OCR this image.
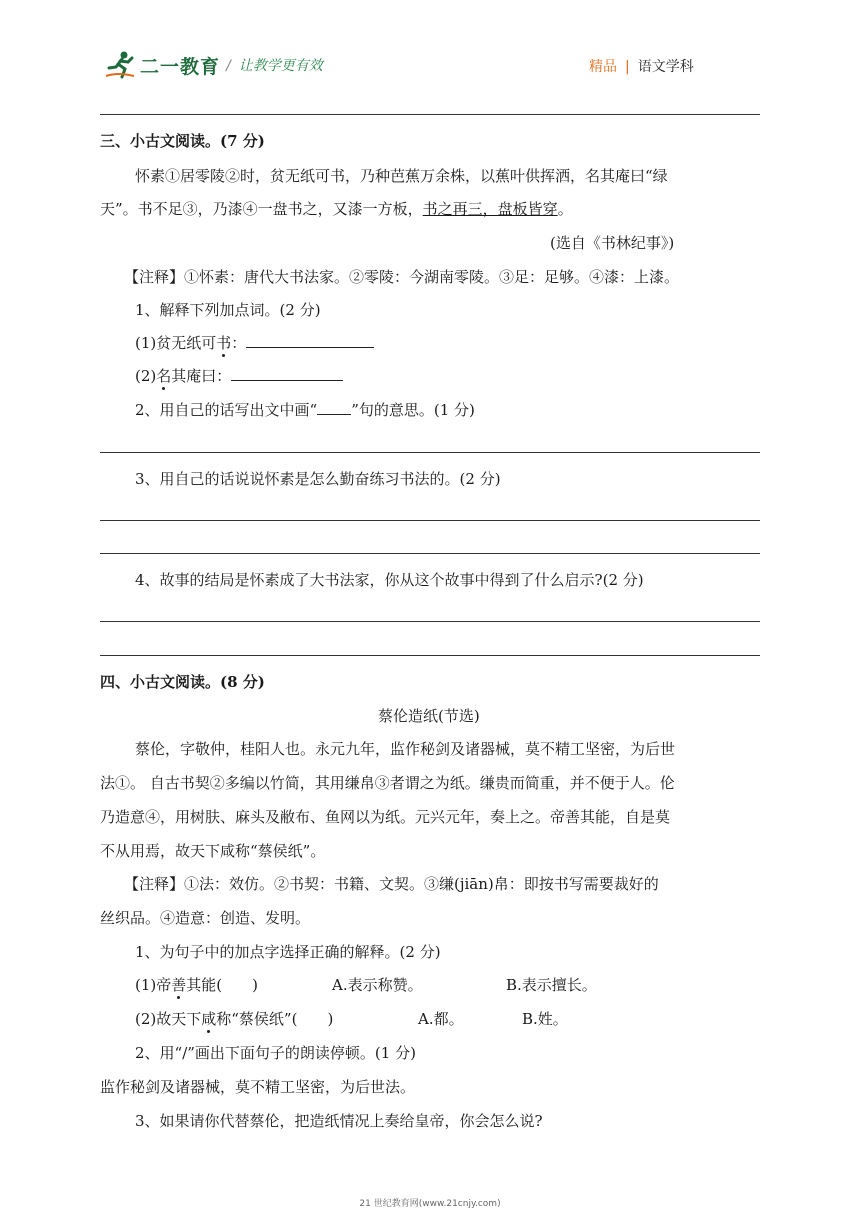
二一教育 / 让教学更有效	精品 | 语文学科
三、小古文阅读。(7 分)
怀素①居零陵②时，贫无纸可书，乃种芭蕉万余株，以蕉叶供挥洒，名其庵曰“绿
天”。书不足③，乃漆④一盘书之，又漆一方板，书之再三，盘板皆穿。
(选自《书林纪事》)
【注释】①怀素：唐代大书法家。②零陵：今湖南零陵。③足：足够。④漆：上漆。
1、解释下列加点词。(2 分)
(1)贫无纸可书：
(2)名其庵曰：
2、用自己的话写出文中画“ ”句的意思。(1 分)
3、用自己的话说说怀素是怎么勤奋练习书法的。(2 分)
4、故事的结局是怀素成了大书法家，你从这个故事中得到了什么启示?(2 分)
四、小古文阅读。(8 分)
蔡伦造纸(节选)
蔡伦，字敬仲，桂阳人也。永元九年，监作秘剑及诸器械，莫不精工坚密，为后世
法①。 自古书契②多编以竹简，其用缣帛③者谓之为纸。缣贵而简重，并不便于人。伦
乃造意④，用树肤、麻头及敝布、鱼网以为纸。元兴元年，奏上之。帝善其能，自是莫
不从用焉，故天下咸称“蔡侯纸”。
【注释】①法：效仿。②书契：书籍、文契。③缣(jiān)帛：即按书写需要裁好的
丝织品。④造意：创造、发明。
1、为句子中的加点字选择正确的解释。(2 分)
(1)帝善其能(　　)	A.表示称赞。	B.表示擅长。
(2)故天下咸称“蔡侯纸”(　　)	A.都。	B.姓。
2、用“/”画出下面句子的朗读停顿。(1 分)
监作秘剑及诸器械，莫不精工坚密，为后世法。
3、如果请你代替蔡伦，把造纸情况上奏给皇帝，你会怎么说?
21 世纪教育网(www.21cnjy.com)
